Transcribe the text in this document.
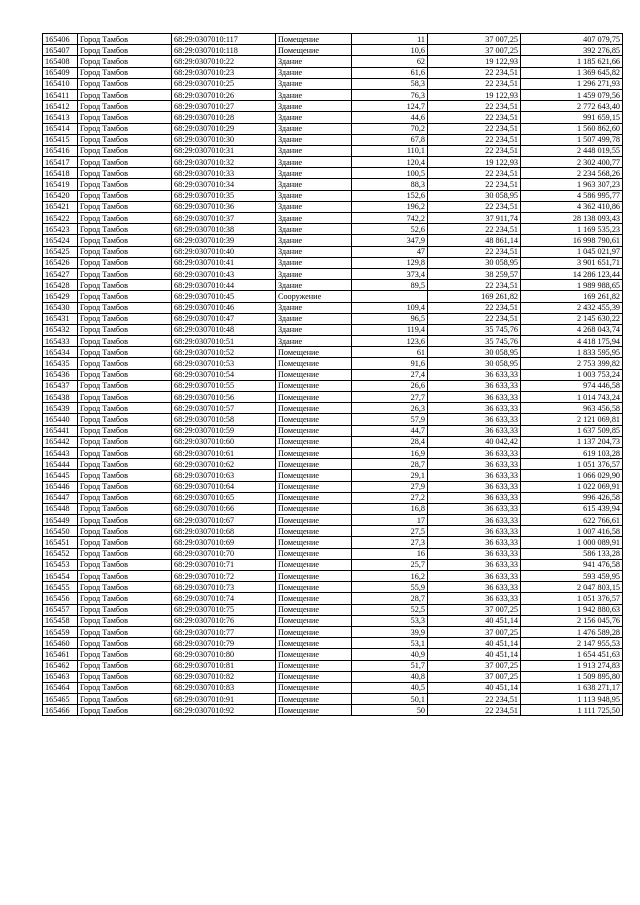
165406	Город Тамбов	68:29:0307010:117	Помещение	11	37 007,25	407 079,75
165407	Город Тамбов	68:29:0307010:118	Помещение	10,6	37 007,25	392 276,85
165408	Город Тамбов	68:29:0307010:22	Здание	62	19 122,93	1 185 621,66
165409	Город Тамбов	68:29:0307010:23	Здание	61,6	22 234,51	1 369 645,82
165410	Город Тамбов	68:29:0307010:25	Здание	58,3	22 234,51	1 296 271,93
165411	Город Тамбов	68:29:0307010:26	Здание	76,3	19 122,93	1 459 079,56
165412	Город Тамбов	68:29:0307010:27	Здание	124,7	22 234,51	2 772 643,40
165413	Город Тамбов	68:29:0307010:28	Здание	44,6	22 234,51	991 659,15
165414	Город Тамбов	68:29:0307010:29	Здание	70,2	22 234,51	1 560 862,60
165415	Город Тамбов	68:29:0307010:30	Здание	67,8	22 234,51	1 507 499,78
165416	Город Тамбов	68:29:0307010:31	Здание	110,1	22 234,51	2 448 019,55
165417	Город Тамбов	68:29:0307010:32	Здание	120,4	19 122,93	2 302 400,77
165418	Город Тамбов	68:29:0307010:33	Здание	100,5	22 234,51	2 234 568,26
165419	Город Тамбов	68:29:0307010:34	Здание	88,3	22 234,51	1 963 307,23
165420	Город Тамбов	68:29:0307010:35	Здание	152,6	30 058,95	4 586 995,77
165421	Город Тамбов	68:29:0307010:36	Здание	196,2	22 234,51	4 362 410,86
165422	Город Тамбов	68:29:0307010:37	Здание	742,2	37 911,74	28 138 093,43
165423	Город Тамбов	68:29:0307010:38	Здание	52,6	22 234,51	1 169 535,23
165424	Город Тамбов	68:29:0307010:39	Здание	347,9	48 861,14	16 998 790,61
165425	Город Тамбов	68:29:0307010:40	Здание	47	22 234,51	1 045 021,97
165426	Город Тамбов	68:29:0307010:41	Здание	129,8	30 058,95	3 901 651,71
165427	Город Тамбов	68:29:0307010:43	Здание	373,4	38 259,57	14 286 123,44
165428	Город Тамбов	68:29:0307010:44	Здание	89,5	22 234,51	1 989 988,65
165429	Город Тамбов	68:29:0307010:45	Сооружение		169 261,82	169 261,82
165430	Город Тамбов	68:29:0307010:46	Здание	109,4	22 234,51	2 432 455,39
165431	Город Тамбов	68:29:0307010:47	Здание	96,5	22 234,51	2 145 630,22
165432	Город Тамбов	68:29:0307010:48	Здание	119,4	35 745,76	4 268 043,74
165433	Город Тамбов	68:29:0307010:51	Здание	123,6	35 745,76	4 418 175,94
165434	Город Тамбов	68:29:0307010:52	Помещение	61	30 058,95	1 833 595,95
165435	Город Тамбов	68:29:0307010:53	Помещение	91,6	30 058,95	2 753 399,82
165436	Город Тамбов	68:29:0307010:54	Помещение	27,4	36 633,33	1 003 753,24
165437	Город Тамбов	68:29:0307010:55	Помещение	26,6	36 633,33	974 446,58
165438	Город Тамбов	68:29:0307010:56	Помещение	27,7	36 633,33	1 014 743,24
165439	Город Тамбов	68:29:0307010:57	Помещение	26,3	36 633,33	963 456,58
165440	Город Тамбов	68:29:0307010:58	Помещение	57,9	36 633,33	2 121 069,81
165441	Город Тамбов	68:29:0307010:59	Помещение	44,7	36 633,33	1 637 509,85
165442	Город Тамбов	68:29:0307010:60	Помещение	28,4	40 042,42	1 137 204,73
165443	Город Тамбов	68:29:0307010:61	Помещение	16,9	36 633,33	619 103,28
165444	Город Тамбов	68:29:0307010:62	Помещение	28,7	36 633,33	1 051 376,57
165445	Город Тамбов	68:29:0307010:63	Помещение	29,1	36 633,33	1 066 029,90
165446	Город Тамбов	68:29:0307010:64	Помещение	27,9	36 633,33	1 022 069,91
165447	Город Тамбов	68:29:0307010:65	Помещение	27,2	36 633,33	996 426,58
165448	Город Тамбов	68:29:0307010:66	Помещение	16,8	36 633,33	615 439,94
165449	Город Тамбов	68:29:0307010:67	Помещение	17	36 633,33	622 766,61
165450	Город Тамбов	68:29:0307010:68	Помещение	27,5	36 633,33	1 007 416,58
165451	Город Тамбов	68:29:0307010:69	Помещение	27,3	36 633,33	1 000 089,91
165452	Город Тамбов	68:29:0307010:70	Помещение	16	36 633,33	586 133,28
165453	Город Тамбов	68:29:0307010:71	Помещение	25,7	36 633,33	941 476,58
165454	Город Тамбов	68:29:0307010:72	Помещение	16,2	36 633,33	593 459,95
165455	Город Тамбов	68:29:0307010:73	Помещение	55,9	36 633,33	2 047 803,15
165456	Город Тамбов	68:29:0307010:74	Помещение	28,7	36 633,33	1 051 376,57
165457	Город Тамбов	68:29:0307010:75	Помещение	52,5	37 007,25	1 942 880,63
165458	Город Тамбов	68:29:0307010:76	Помещение	53,3	40 451,14	2 156 045,76
165459	Город Тамбов	68:29:0307010:77	Помещение	39,9	37 007,25	1 476 589,28
165460	Город Тамбов	68:29:0307010:79	Помещение	53,1	40 451,14	2 147 955,53
165461	Город Тамбов	68:29:0307010:80	Помещение	40,9	40 451,14	1 654 451,63
165462	Город Тамбов	68:29:0307010:81	Помещение	51,7	37 007,25	1 913 274,83
165463	Город Тамбов	68:29:0307010:82	Помещение	40,8	37 007,25	1 509 895,80
165464	Город Тамбов	68:29:0307010:83	Помещение	40,5	40 451,14	1 638 271,17
165465	Город Тамбов	68:29:0307010:91	Помещение	50,1	22 234,51	1 113 948,95
165466	Город Тамбов	68:29:0307010:92	Помещение	50	22 234,51	1 111 725,50
